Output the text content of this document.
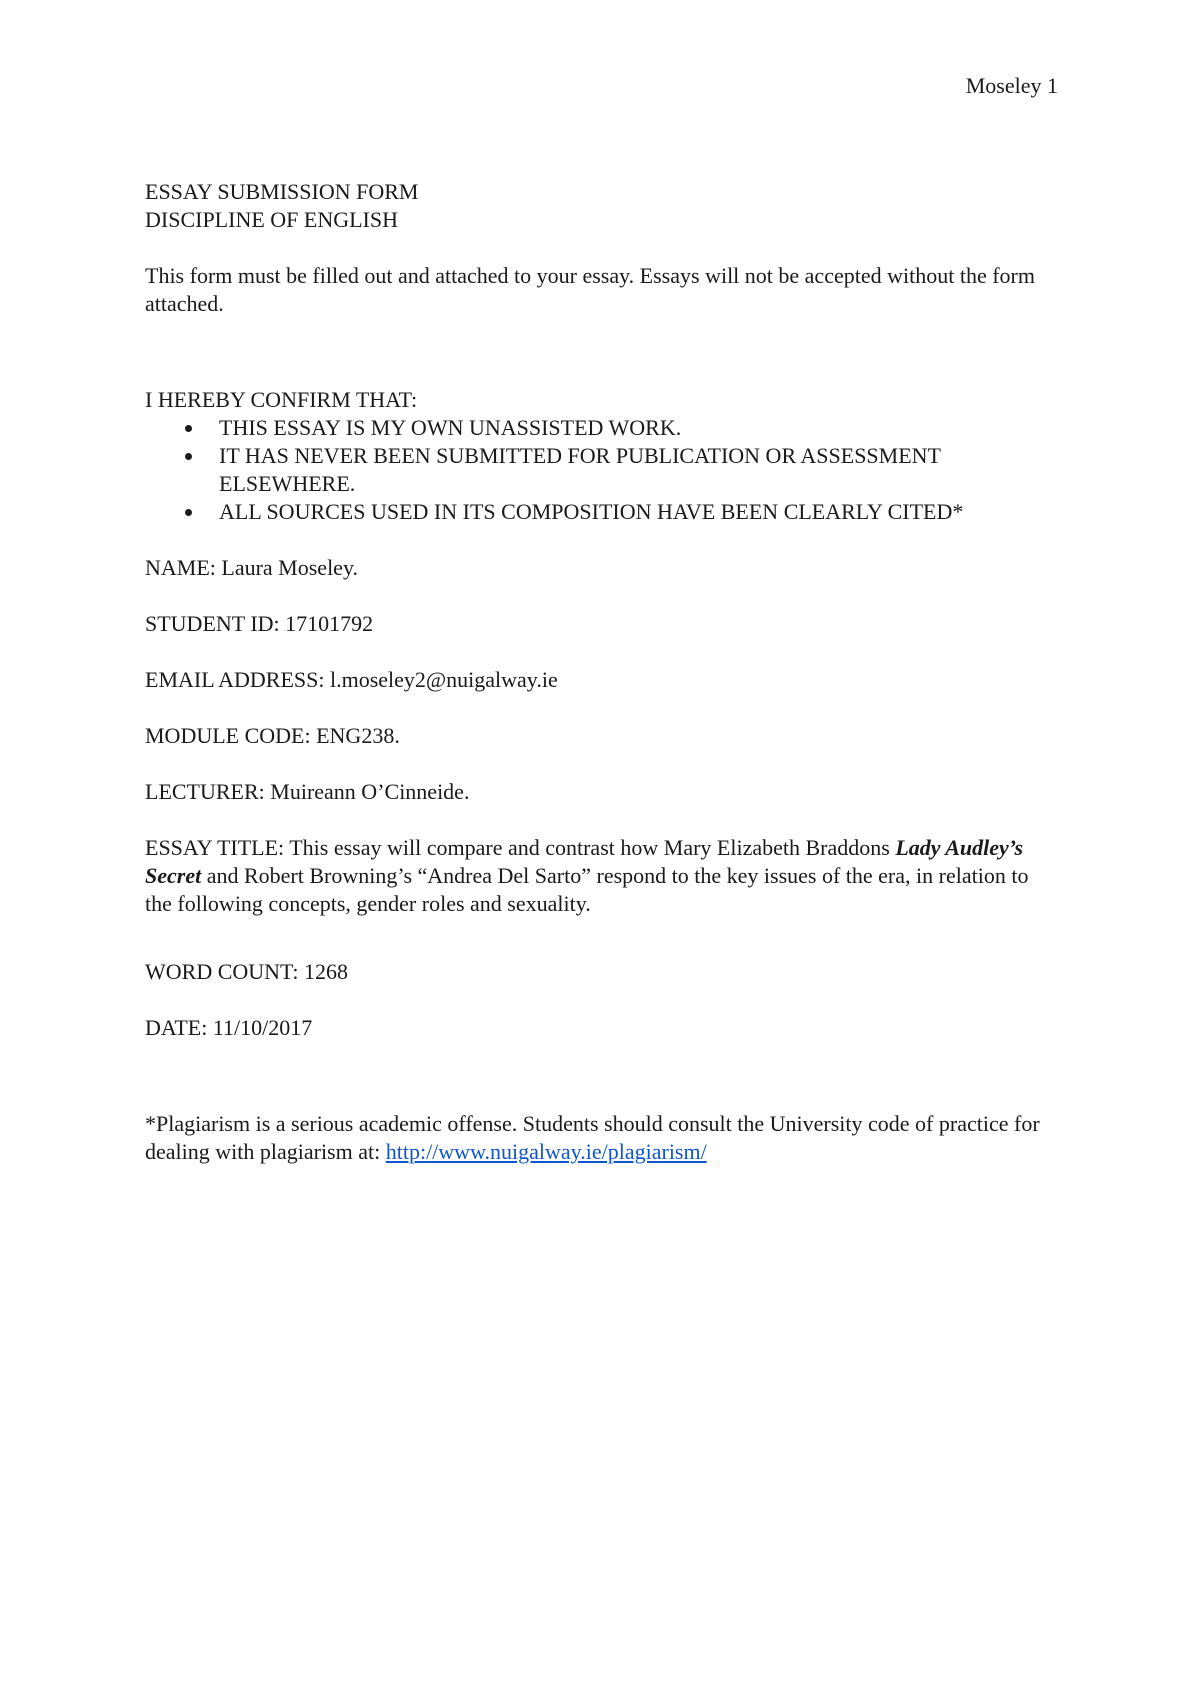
Moseley 1
ESSAY SUBMISSION FORM
DISCIPLINE OF ENGLISH

This form must be filled out and attached to your essay. Essays will not be accepted without the form attached.

I HEREBY CONFIRM THAT:
THIS ESSAY IS MY OWN UNASSISTED WORK.
IT HAS NEVER BEEN SUBMITTED FOR PUBLICATION OR ASSESSMENT ELSEWHERE.
ALL SOURCES USED IN ITS COMPOSITION HAVE BEEN CLEARLY CITED*

NAME: Laura Moseley.

STUDENT ID: 17101792

EMAIL ADDRESS: l.moseley2@nuigalway.ie

MODULE CODE: ENG238.

LECTURER: Muireann O’Cinneide.

ESSAY TITLE: This essay will compare and contrast how Mary Elizabeth Braddons Lady Audley’s Secret and Robert Browning’s “Andrea Del Sarto” respond to the key issues of the era, in relation to the following concepts, gender roles and sexuality.

WORD COUNT: 1268

DATE: 11/10/2017

*Plagiarism is a serious academic offense. Students should consult the University code of practice for dealing with plagiarism at: http://www.nuigalway.ie/plagiarism/
